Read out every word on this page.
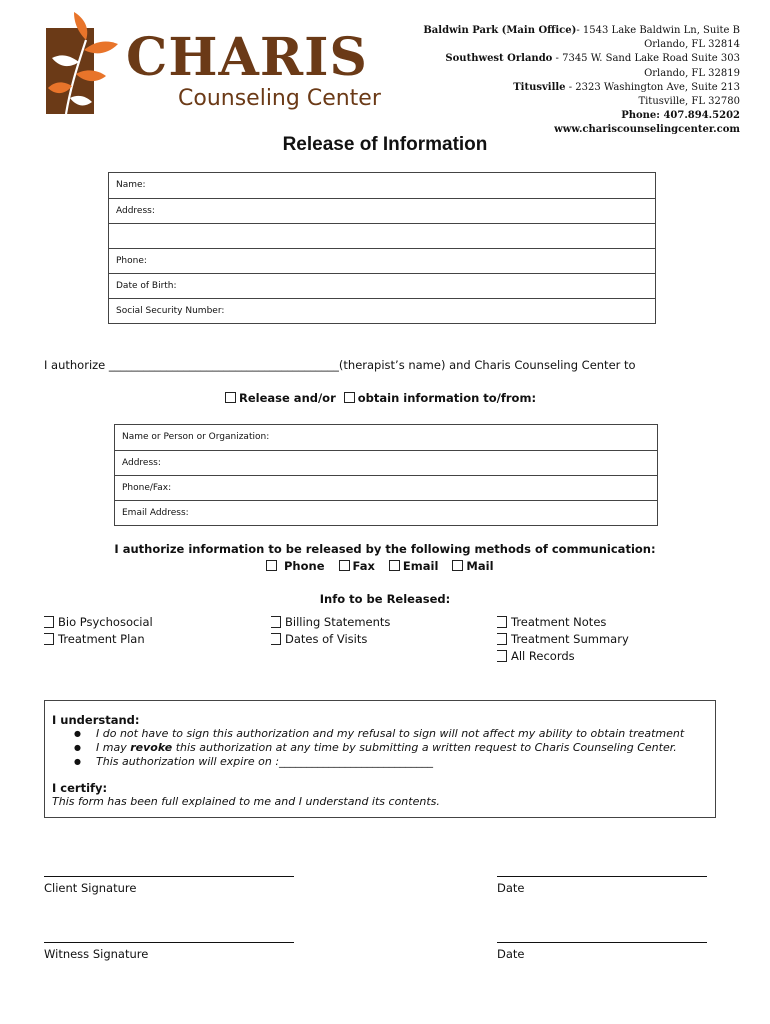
CHARIS
Counseling Center
Baldwin Park (Main Office)- 1543 Lake Baldwin Ln, Suite B
Orlando, FL 32814
Southwest Orlando - 7345 W. Sand Lake Road Suite 303
Orlando, FL 32819
Titusville - 2323 Washington Ave, Suite 213
Titusville, FL 32780
Phone: 407.894.5202
www.chariscounselingcenter.com
Release of Information
Name:
Address:
Phone:
Date of Birth:
Social Security Number:
I authorize ________________________________________(therapist’s name) and Charis Counseling Center to
Release and/or obtain information to/from:
Name or Person or Organization:
Address:
Phone/Fax:
Email Address:
I authorize information to be released by the following methods of communication:
Phone Fax Email Mail
Info to be Released:
Bio Psychosocial
Treatment Plan
Billing Statements
Dates of Visits
Treatment Notes
Treatment Summary
All Records
I understand:
● I do not have to sign this authorization and my refusal to sign will not affect my ability to obtain treatment
● I may revoke this authorization at any time by submitting a written request to Charis Counseling Center.
● This authorization will expire on :____________________________
I certify:
This form has been full explained to me and I understand its contents.
Client Signature	Date
Witness Signature	Date
